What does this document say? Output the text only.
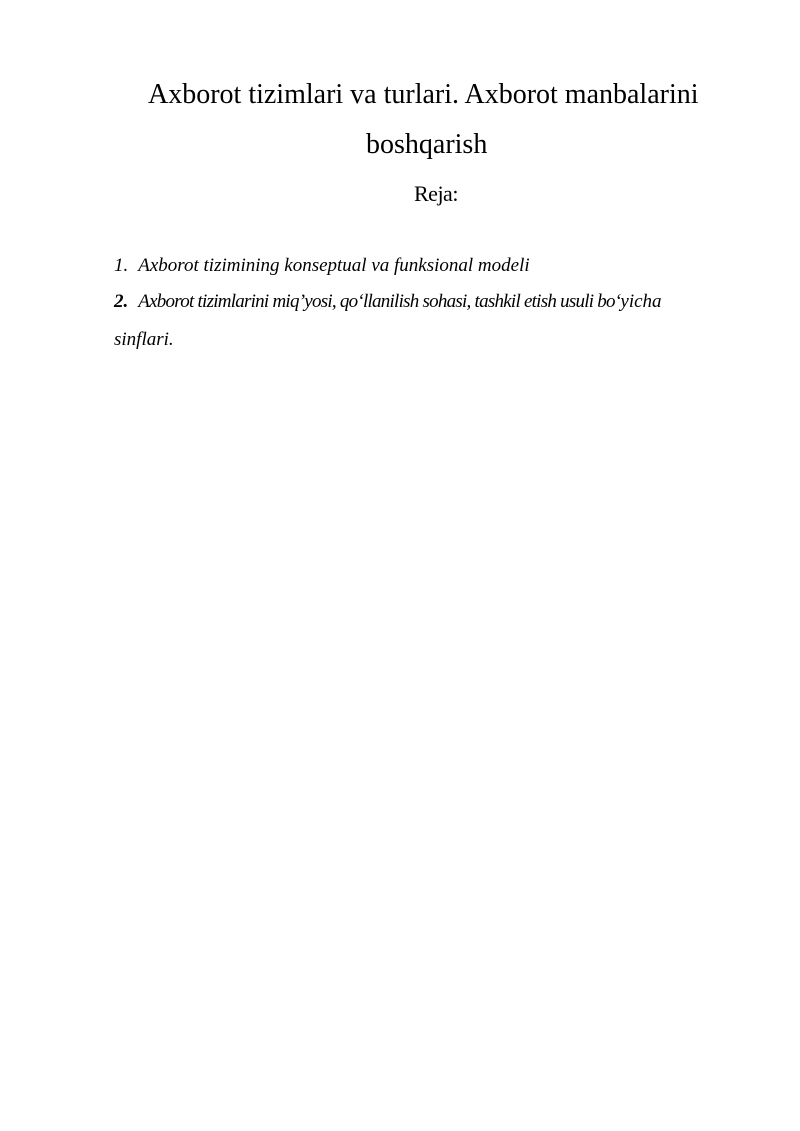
Axborot tizimlari va turlari. Axborot manbalarini
boshqarish
Reja:
1. Axborot tizimining konseptual va funksional modeli
2. Axborot tizimlarini miq’yosi, qo‘llanilish sohasi, tashkil etish usuli bo‘yicha
sinflari.
